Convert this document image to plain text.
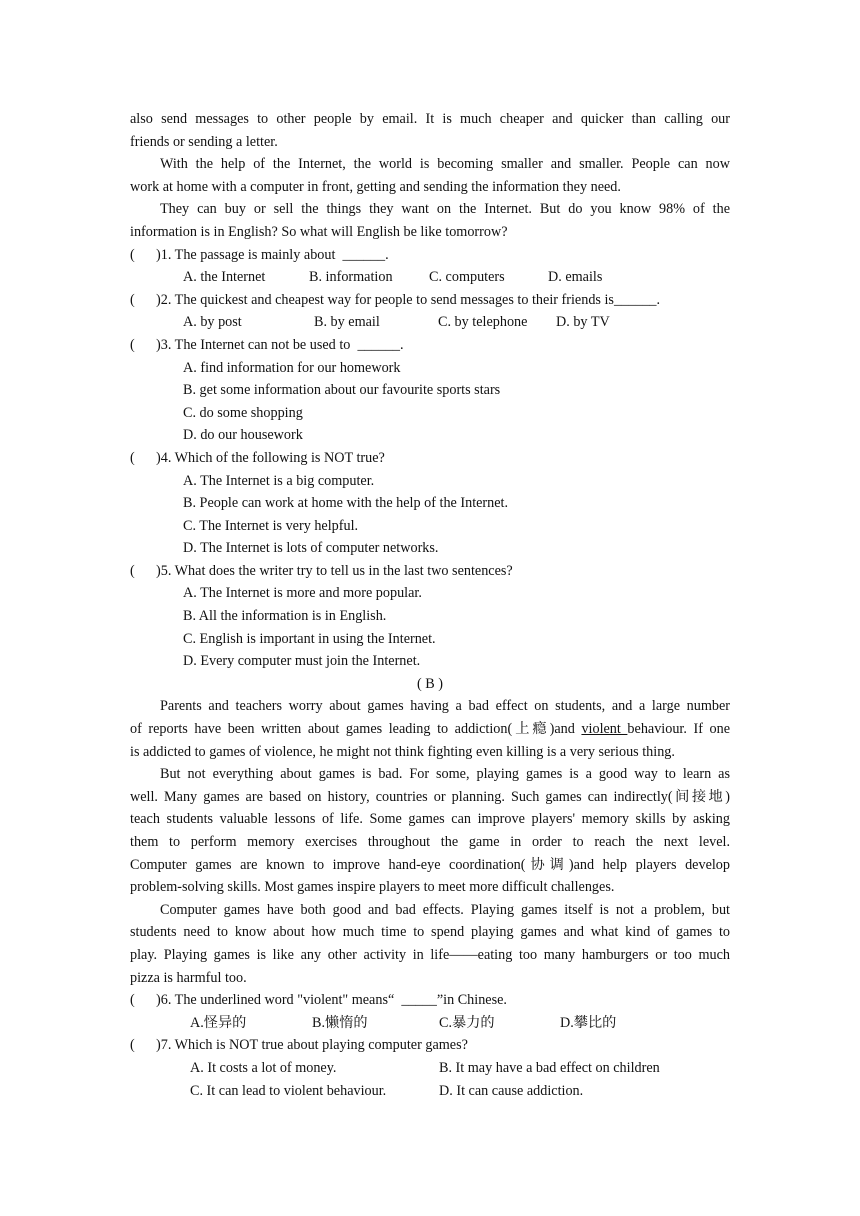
also send messages to other people by email. It is much cheaper and quicker than calling our
friends or sending a letter.
With the help of the Internet, the world is becoming smaller and smaller. People can now
work at home with a computer in front, getting and sending the information they need.
They can buy or sell the things they want on the Internet. But do you know 98% of the
information is in English? So what will English be like tomorrow?
(      )1. The passage is mainly about  ______.
A. the Internet	B. information	C. computers	D. emails
(      )2. The quickest and cheapest way for people to send messages to their friends is______.
A. by post	B. by email	C. by telephone D. by TV
(      )3. The Internet can not be used to  ______.
A. find information for our homework
B. get some information about our favourite sports stars
C. do some shopping
D. do our housework
(      )4. Which of the following is NOT true?
A. The Internet is a big computer.
B. People can work at home with the help of the Internet.
C. The Internet is very helpful.
D. The Internet is lots of computer networks.
(      )5. What does the writer try to tell us in the last two sentences?
A. The Internet is more and more popular.
B. All the information is in English.
C. English is important in using the Internet.
D. Every computer must join the Internet.
( B )
Parents and teachers worry about games having a bad effect on students, and a large number
of reports have been written about games leading to addiction(上瘾)and violent behaviour. If one
is addicted to games of violence, he might not think fighting even killing is a very serious thing.
But not everything about games is bad. For some, playing games is a good way to learn as
well. Many games are based on history, countries or planning. Such games can indirectly(间接地)
teach students valuable lessons of life. Some games can improve players' memory skills by asking
them to perform memory exercises throughout the game in order to reach the next level.
Computer games are known to improve hand-eye coordination(协调)and help players develop
problem-solving skills. Most games inspire players to meet more difficult challenges.
Computer games have both good and bad effects. Playing games itself is not a problem, but
students need to know about how much time to spend playing games and what kind of games to
play. Playing games is like any other activity in life——eating too many hamburgers or too much
pizza is harmful too.
(      )6. The underlined word "violent" means“  _____”in Chinese.
A.怪异的	B.懒惰的	C.暴力的	D.攀比的
(      )7. Which is NOT true about playing computer games?
A. It costs a lot of money.	B. It may have a bad effect on children
C. It can lead to violent behaviour.	D. It can cause addiction.
